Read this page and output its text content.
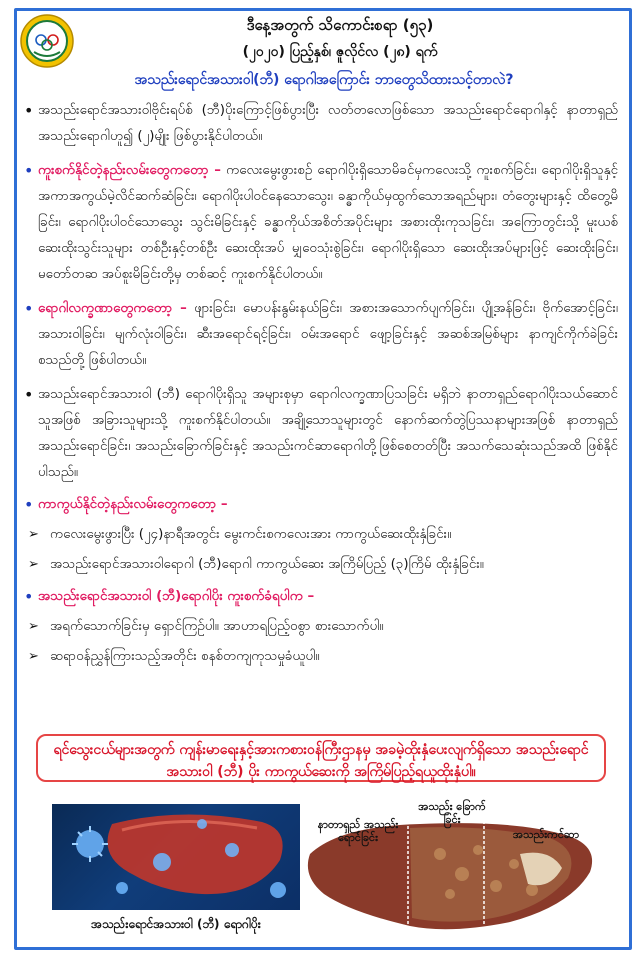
ဒီနေ့အတွက် သိကောင်းစရာ (၅၃)
(၂၀၂၀) ပြည့်နှစ်၊ ဇူလိုင်လ (၂၈) ရက်
အသည်းရောင်အသားဝါ(ဘီ) ရောဂါအကြောင်း ဘာတွေသိထားသင့်တာလဲ?
• အသည်းရောင်အသားဝါဗိုင်းရပ်စ် (ဘီ)ပိုးကြောင့်ဖြစ်ပွားပြီး လတ်တလောဖြစ်သော အသည်းရောင်ရောဂါနှင့် နာတာရှည်အသည်းရောဂါဟူ၍ (၂)မျိုး ဖြစ်ပွားနိုင်ပါတယ်။
• ကူးစက်နိုင်တဲ့နည်းလမ်းတွေကတော့ – ကလေးမွေးဖွားစဉ် ရောဂါပိုးရှိသောမိခင်မှကလေးသို့ ကူးစက်ခြင်း၊ ရောဂါပိုးရှိသူနှင့် အကာအကွယ်မဲ့လိင်ဆက်ဆံခြင်း၊ ရောဂါပိုးပါဝင်နေသောသွေး၊ ခန္ဓာကိုယ်မှထွက်သောအရည်များ၊ တံတွေးများနှင့် ထိတွေ့မိခြင်း၊ ရောဂါပိုးပါဝင်သောသွေး သွင်းမိခြင်းနှင့် ခန္ဓာကိုယ်အစိတ်အပိုင်းများ အစားထိုးကုသခြင်း၊ အကြောတွင်းသို့ မူးယစ်ဆေးထိုးသွင်းသူများ တစ်ဦးနှင့်တစ်ဦး ဆေးထိုးအပ် မျှဝေသုံးစွဲခြင်း၊ ရောဂါပိုးရှိသော ဆေးထိုးအပ်များဖြင့် ဆေးထိုးခြင်း၊ မတော်တဆ အပ်စူးမိခြင်းတို့မှ တစ်ဆင့် ကူးစက်နိုင်ပါတယ်။
• ရောဂါလက္ခဏာတွေကတော့ – ဖျားခြင်း၊ မောပန်းနွမ်းနယ်ခြင်း၊ အစားအသောက်ပျက်ခြင်း၊ ပျို့အန်ခြင်း၊ ဗိုက်အောင့်ခြင်း၊ အသားဝါခြင်း၊ မျက်လုံးဝါခြင်း၊ ဆီးအရောင်ရင့်ခြင်း၊ ဝမ်းအရောင် ဖျော့ခြင်းနှင့် အဆစ်အမြစ်များ နာကျင်ကိုက်ခဲခြင်း စသည်တို့ ဖြစ်ပါတယ်။
• အသည်းရောင်အသားဝါ (ဘီ) ရောဂါပိုးရှိသူ အများစုမှာ ရောဂါလက္ခဏာပြသခြင်း မရှိဘဲ နာတာရှည်ရောဂါပိုးသယ်ဆောင်သူအဖြစ် အခြားသူများသို့ ကူးစက်နိုင်ပါတယ်။ အချို့သောသူများတွင် နောက်ဆက်တွဲပြဿနာများအဖြစ် နာတာရှည်အသည်းရောင်ခြင်း၊ အသည်းခြောက်ခြင်းနှင့် အသည်းကင်ဆာရောဂါတို့ဖြစ်စေတတ်ပြီး အသက်သေဆုံးသည်အထိ ဖြစ်နိုင်ပါသည်။
• ကာကွယ်နိုင်တဲ့နည်းလမ်းတွေကတော့ –
➢ ကလေးမွေးဖွားပြီး (၂၄)နာရီအတွင်း မွေးကင်းစကလေးအား ကာကွယ်ဆေးထိုးနှံခြင်း။
➢ အသည်းရောင်အသားဝါရောဂါ (ဘီ)ရောဂါ ကာကွယ်ဆေး အကြိမ်ပြည့် (၃)ကြိမ် ထိုးနှံခြင်း။
• အသည်းရောင်အသားဝါ (ဘီ)ရောဂါပိုး ကူးစက်ခံရပါက –
➢ အရက်သောက်ခြင်းမှ ရှောင်ကြဉ်ပါ။ အာဟာရပြည့်ဝစွာ စားသောက်ပါ။
➢ ဆရာဝန်ညွှန်ကြားသည့်အတိုင်း စနစ်တကျကုသမှုခံယူပါ။
ရင်သွေးငယ်များအတွက် ကျန်းမာရေးနှင့်အားကစားဝန်ကြီးဌာနမှ အခမဲ့ထိုးနှံပေးလျက်ရှိသော အသည်းရောင်အသားဝါ (ဘီ) ပိုး ကာကွယ်ဆေးကို အကြိမ်ပြည့်ရယူထိုးနှံပါ။
အသည်းရောင်အသားဝါ (ဘီ) ရောဂါပိုး
နာတာရှည် အသည်းရောင်ခြင်း
အသည်း ခြောက်ခြင်း
အသည်းကင်ဆာ
